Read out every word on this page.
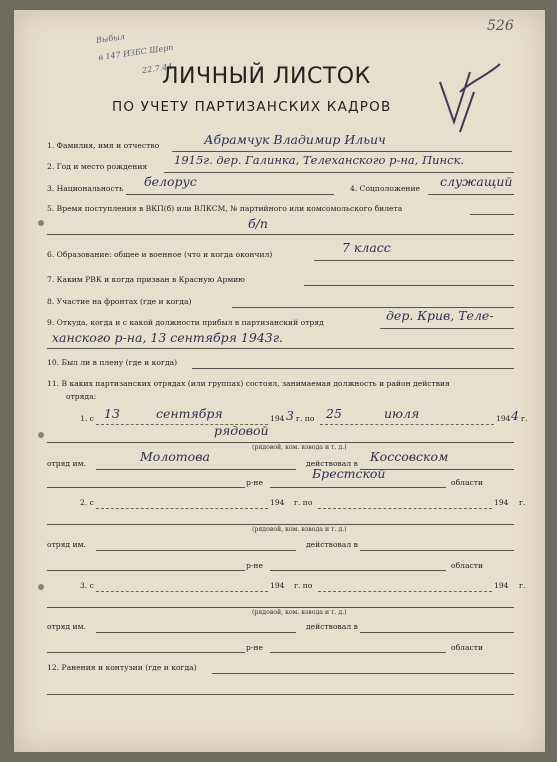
526
Выбыл
в 147 ИЗБС Шерп
22.7.44
ЛИЧНЫЙ ЛИСТОК
ПО УЧЕТУ ПАРТИЗАНСКИХ КАДРОВ
1. Фамилия, имя и отчество	Абрамчук Владимир Ильич
2. Год и место рождения 1915г. дер. Галинка, Телеханского р-на, Пинск.
3. Национальность белорус	4. Соцположение служащий
5. Время поступления в ВКП(б) или ВЛКСМ, № партийного или комсомольского билета
б/п
6. Образование: общее и военное (что и когда окончил)	7 класс
7. Каким РВК и когда призван в Красную Армию
8. Участие на фронтах (где и когда)
9. Откуда, когда и с какой должности прибыл в партизанский отряд	дер. Крив, Теле-
ханского р-на, 13 сентября 1943г.
10. Был ли в плену (где и когда)
11. В каких партизанских отрядах (или группах) состоял, занимаемая должность и район действия
отряда:
1. с 13	сентября	194 3 г. по 25	июля	194 4 г.
рядовой
(рядовой, ком. взвода и т. д.)
отряд им.	Молотова	действовал в Коссовском
р-не
Брестской
области
2. с	194 г. по	194 г.
(рядовой, ком. взвода и т. д.)
отряд им.	действовал в
р-не	области
3. с	194 г. по	194 г.
(рядовой, ком. взвода и т. д.)
отряд им.	действовал в
р-не	области
12. Ранения и контузии (где и когда)
